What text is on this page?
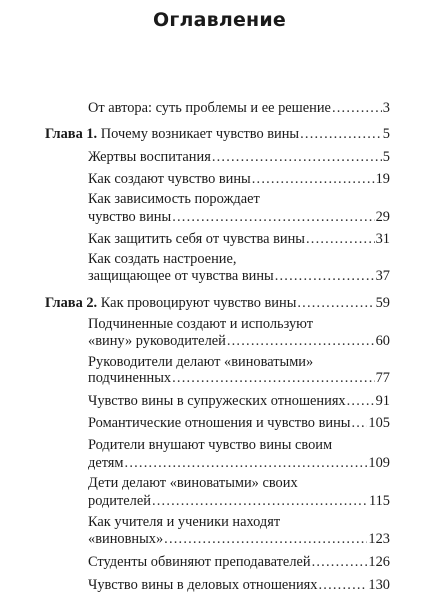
Оглавление
От автора: суть проблемы и ее решение . . .	3
Глава 1. Почему возникает чувство вины . . .	5
Жертвы воспитания . . .	5
Как создают чувство вины . . .	19
Как зависимость порождает
чувство вины . . .	29
Как защитить себя от чувства вины . . .	31
Как создать настроение,
защищающее от чувства вины . . .	37
Глава 2. Как провоцируют чувство вины . . .	59
Подчиненные создают и используют
«вину» руководителей . . .	60
Руководители делают «виноватыми»
подчиненных . . .	77
Чувство вины в супружеских отношениях . . . 91
Романтические отношения и чувство вины . . . 105
Родители внушают чувство вины своим
детям . . .	109
Дети делают «виноватыми» своих
родителей . . .	115
Как учителя и ученики находят
«виновных» . . .	123
Студенты обвиняют преподавателей . . .	126
Чувство вины в деловых отношениях . . .	130
